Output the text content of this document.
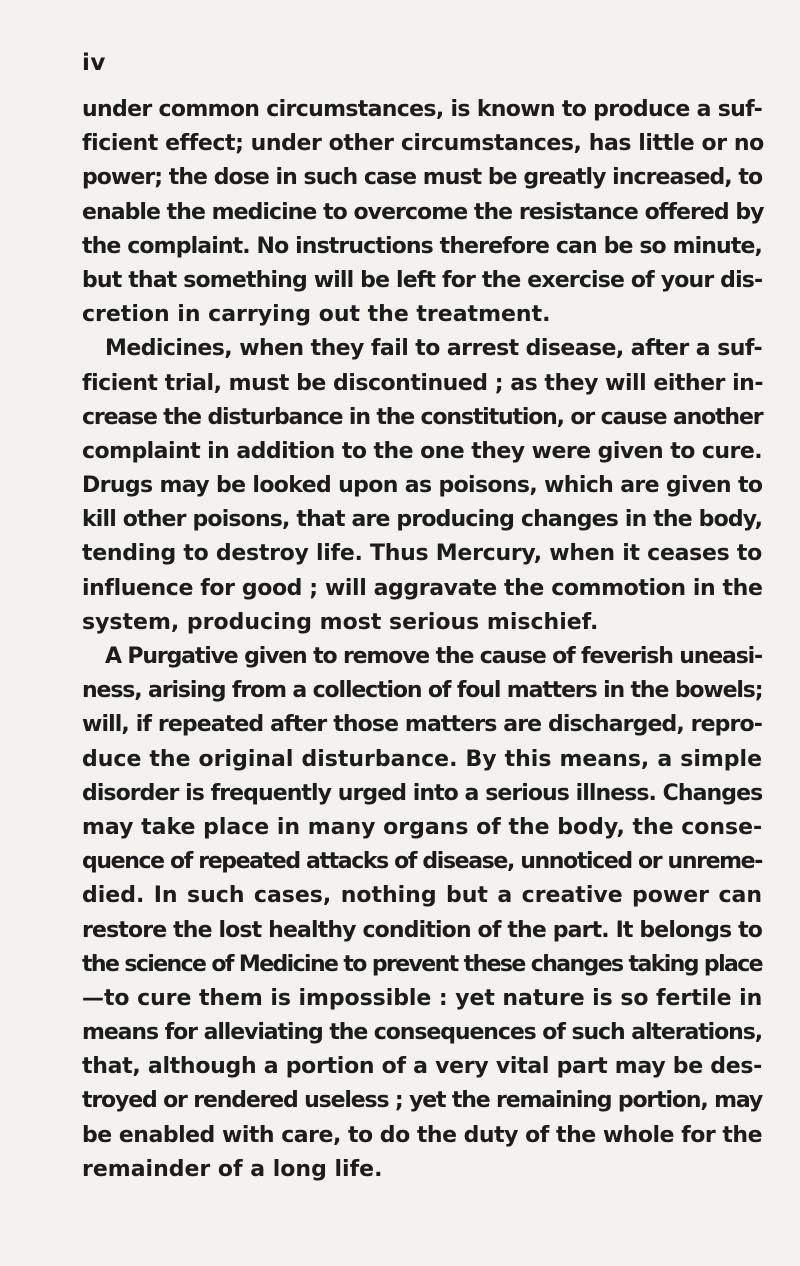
iv
under common circumstances, is known to produce a suf-
ficient effect; under other circumstances, has little or no
power; the dose in such case must be greatly increased, to
enable the medicine to overcome the resistance offered by
the complaint. No instructions therefore can be so minute,
but that something will be left for the exercise of your dis-
cretion in carrying out the treatment.
Medicines, when they fail to arrest disease, after a suf-
ficient trial, must be discontinued ; as they will either in-
crease the disturbance in the constitution, or cause another
complaint in addition to the one they were given to cure.
Drugs may be looked upon as poisons, which are given to
kill other poisons, that are producing changes in the body,
tending to destroy life. Thus Mercury, when it ceases to
influence for good ; will aggravate the commotion in the
system, producing most serious mischief.
A Purgative given to remove the cause of feverish uneasi-
ness, arising from a collection of foul matters in the bowels;
will, if repeated after those matters are discharged, repro-
duce the original disturbance. By this means, a simple
disorder is frequently urged into a serious illness. Changes
may take place in many organs of the body, the conse-
quence of repeated attacks of disease, unnoticed or unreme-
died. In such cases, nothing but a creative power can
restore the lost healthy condition of the part. It belongs to
the science of Medicine to prevent these changes taking place
—to cure them is impossible : yet nature is so fertile in
means for alleviating the consequences of such alterations,
that, although a portion of a very vital part may be des-
troyed or rendered useless ; yet the remaining portion, may
be enabled with care, to do the duty of the whole for the
remainder of a long life.
